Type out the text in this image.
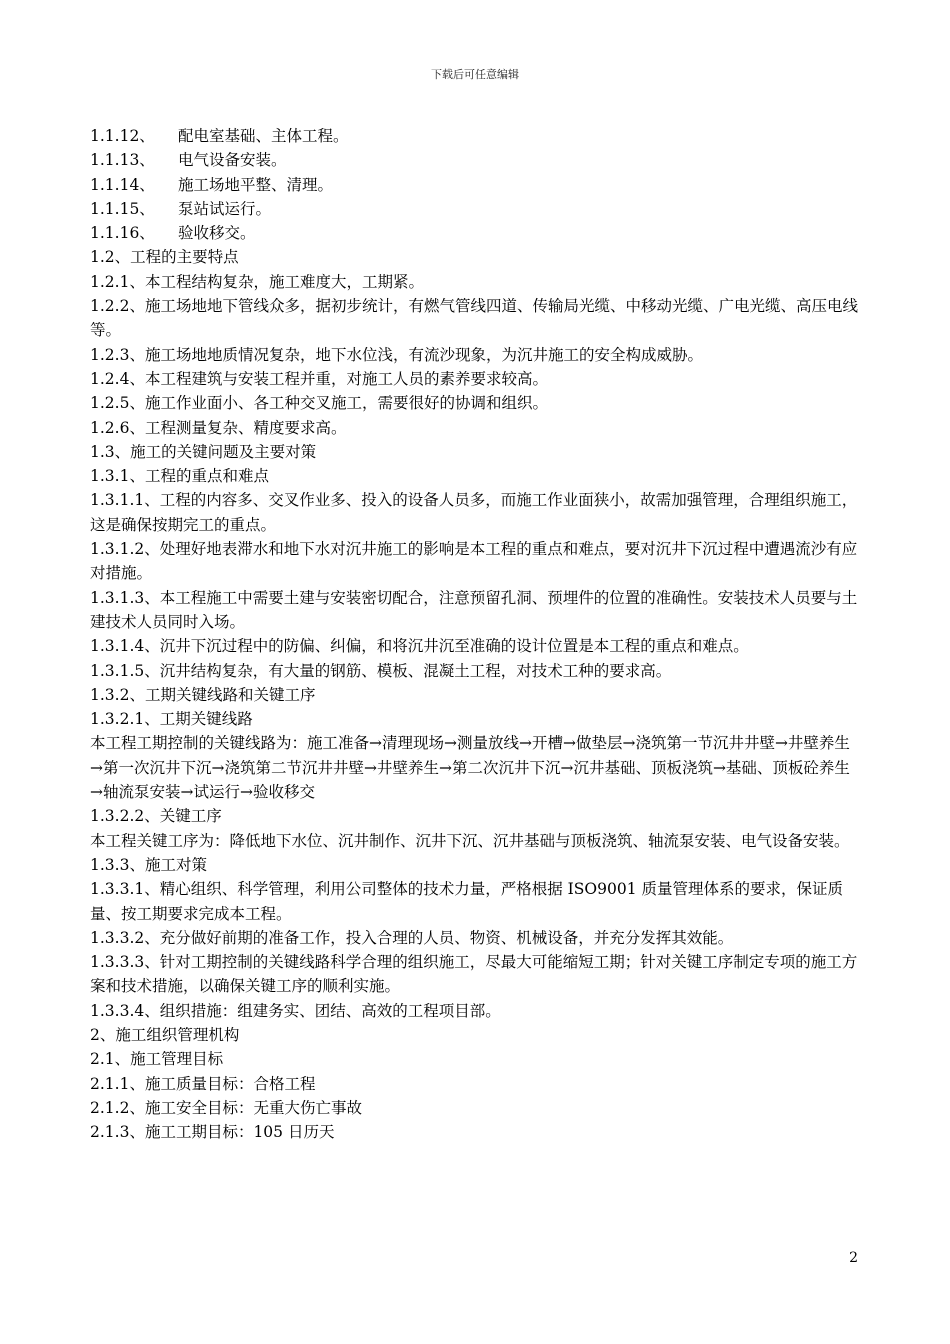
下载后可任意编辑
1.1.12、 配电室基础、主体工程。
1.1.13、 电气设备安装。
1.1.14、 施工场地平整、清理。
1.1.15、 泵站试运行。
1.1.16、 验收移交。
1.2、工程的主要特点
1.2.1、本工程结构复杂，施工难度大，工期紧。
1.2.2、施工场地地下管线众多，据初步统计，有燃气管线四道、传输局光缆、中移动光缆、广电光缆、高压电线等。
1.2.3、施工场地地质情况复杂，地下水位浅，有流沙现象，为沉井施工的安全构成威胁。
1.2.4、本工程建筑与安装工程并重，对施工人员的素养要求较高。
1.2.5、施工作业面小、各工种交叉施工，需要很好的协调和组织。
1.2.6、工程测量复杂、精度要求高。
1.3、施工的关键问题及主要对策
1.3.1、工程的重点和难点
1.3.1.1、工程的内容多、交叉作业多、投入的设备人员多，而施工作业面狭小，故需加强管理，合理组织施工，这是确保按期完工的重点。
1.3.1.2、处理好地表滞水和地下水对沉井施工的影响是本工程的重点和难点，要对沉井下沉过程中遭遇流沙有应对措施。
1.3.1.3、本工程施工中需要土建与安装密切配合，注意预留孔洞、预埋件的位置的准确性。安装技术人员要与土建技术人员同时入场。
1.3.1.4、沉井下沉过程中的防偏、纠偏，和将沉井沉至准确的设计位置是本工程的重点和难点。
1.3.1.5、沉井结构复杂，有大量的钢筋、模板、混凝土工程，对技术工种的要求高。
1.3.2、工期关键线路和关键工序
1.3.2.1、工期关键线路
本工程工期控制的关键线路为：施工准备→清理现场→测量放线→开槽→做垫层→浇筑第一节沉井井壁→井壁养生→第一次沉井下沉→浇筑第二节沉井井壁→井壁养生→第二次沉井下沉→沉井基础、顶板浇筑→基础、顶板砼养生→轴流泵安装→试运行→验收移交
1.3.2.2、关键工序
本工程关键工序为：降低地下水位、沉井制作、沉井下沉、沉井基础与顶板浇筑、轴流泵安装、电气设备安装。
1.3.3、施工对策
1.3.3.1、精心组织、科学管理，利用公司整体的技术力量，严格根据 ISO9001 质量管理体系的要求，保证质量、按工期要求完成本工程。
1.3.3.2、充分做好前期的准备工作，投入合理的人员、物资、机械设备，并充分发挥其效能。
1.3.3.3、针对工期控制的关键线路科学合理的组织施工，尽最大可能缩短工期；针对关键工序制定专项的施工方案和技术措施，以确保关键工序的顺利实施。
1.3.3.4、组织措施：组建务实、团结、高效的工程项目部。
2、施工组织管理机构
2.1、施工管理目标
2.1.1、施工质量目标：合格工程
2.1.2、施工安全目标：无重大伤亡事故
2.1.3、施工工期目标：105 日历天
2
